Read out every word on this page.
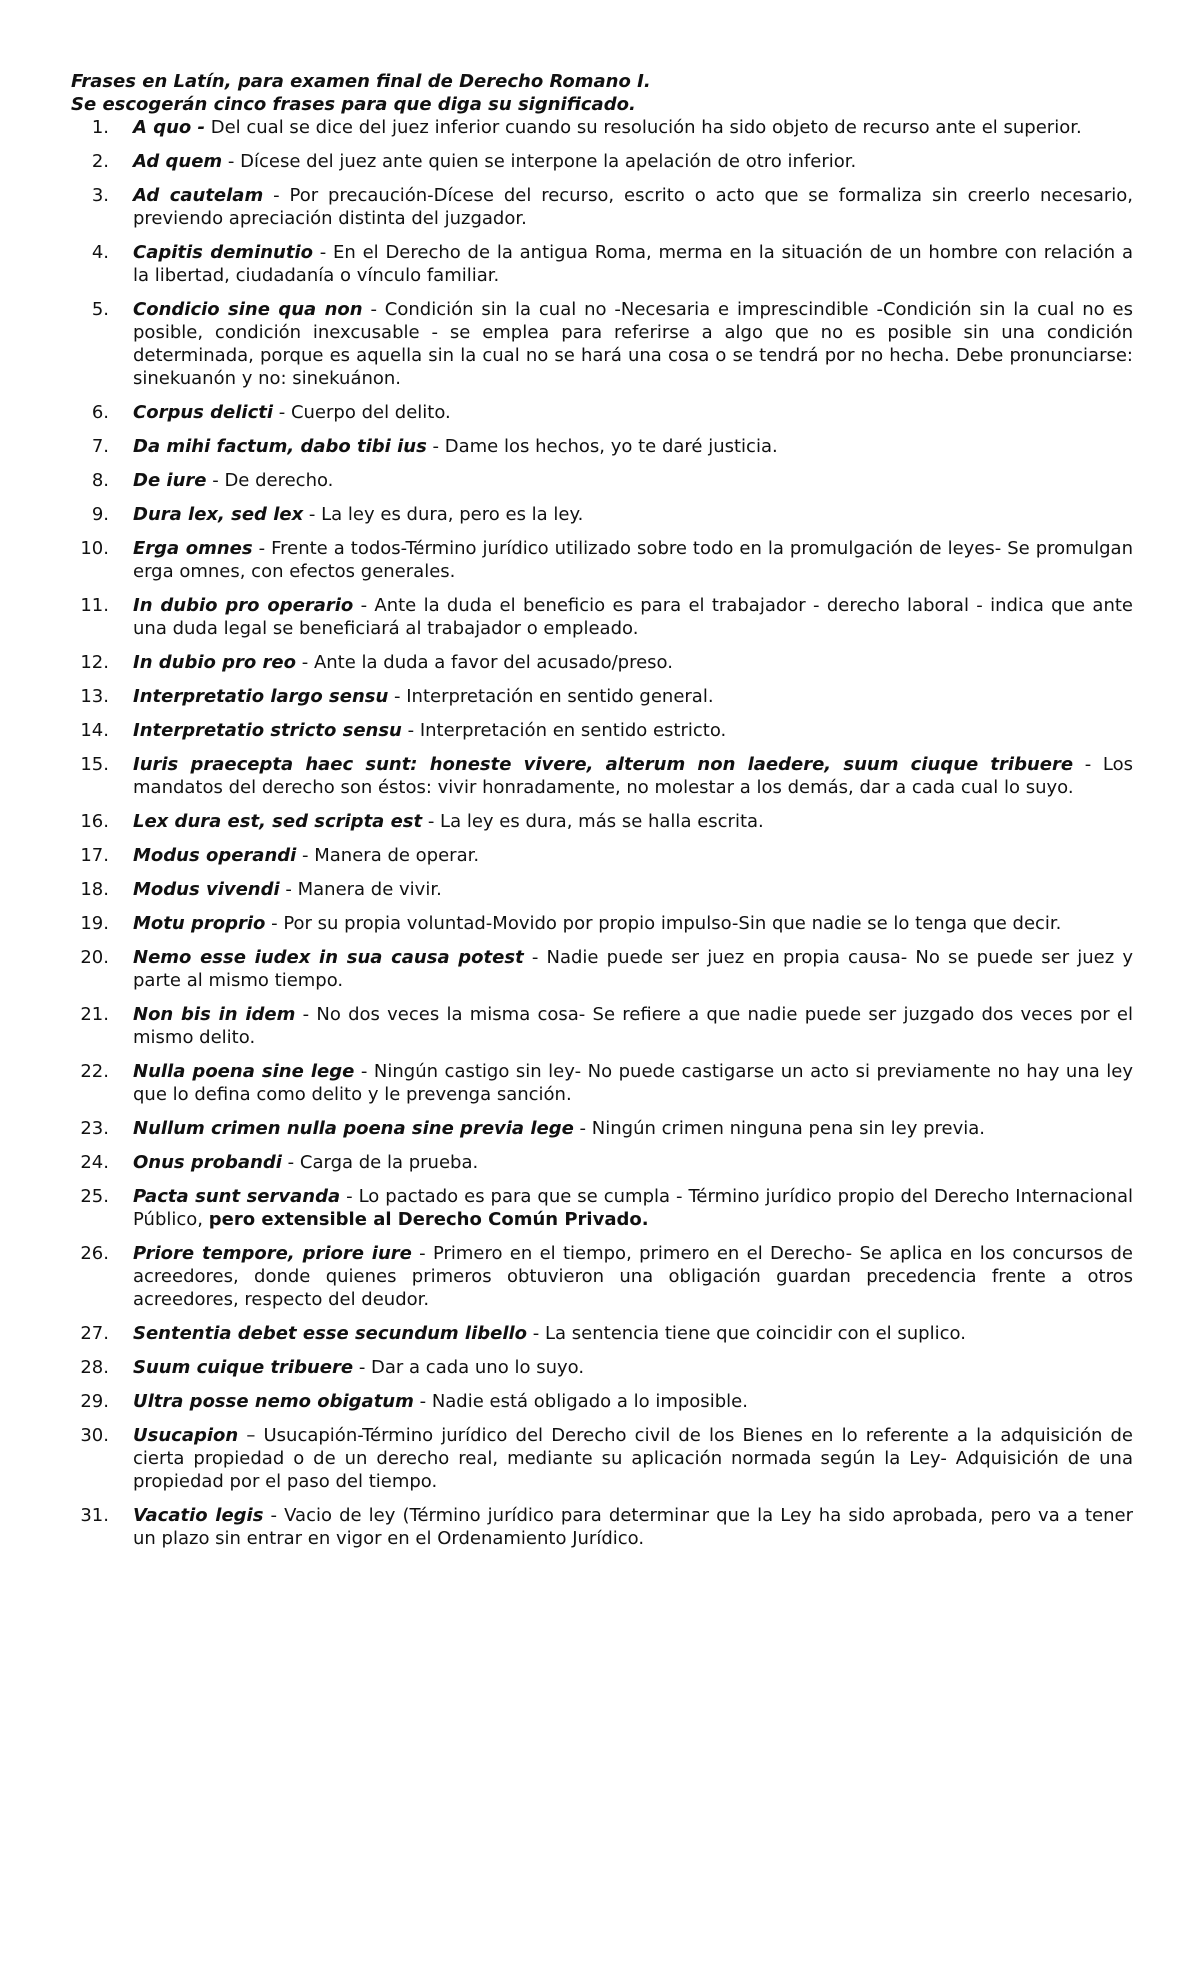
Frases en Latín, para examen final de Derecho Romano I.

Se escogerán cinco frases para que diga su significado.

1.	A quo - Del cual se dice del juez inferior cuando su resolución ha sido objeto de recurso ante el superior.
2.	Ad quem - Dícese del juez ante quien se interpone la apelación de otro inferior.
3.	Ad cautelam - Por precaución-Dícese del recurso, escrito o acto que se formaliza sin creerlo necesario, previendo apreciación distinta del juzgador.
4.	Capitis deminutio - En el Derecho de la antigua Roma, merma en la situación de un hombre con relación a la libertad, ciudadanía o vínculo familiar.
5.	Condicio sine qua non - Condición sin la cual no -Necesaria e imprescindible -Condición sin la cual no es posible, condición inexcusable - se emplea para referirse a algo que no es posible sin una condición determinada, porque es aquella sin la cual no se hará una cosa o se tendrá por no hecha. Debe pronunciarse: sinekuanón y no: sinekuánon.
6.	Corpus delicti - Cuerpo del delito.
7.	Da mihi factum, dabo tibi ius - Dame los hechos, yo te daré justicia.
8.	De iure - De derecho.
9.	Dura lex, sed lex - La ley es dura, pero es la ley.
10.	Erga omnes - Frente a todos-Término jurídico utilizado sobre todo en la promulgación de leyes- Se promulgan erga omnes, con efectos generales.
11.	In dubio pro operario - Ante la duda el beneficio es para el trabajador - derecho laboral - indica que ante una duda legal se beneficiará al trabajador o empleado.
12.	In dubio pro reo - Ante la duda a favor del acusado/preso.
13.	Interpretatio largo sensu - Interpretación en sentido general.
14.	Interpretatio stricto sensu - Interpretación en sentido estricto.
15.	Iuris praecepta haec sunt: honeste vivere, alterum non laedere, suum ciuque tribuere - Los mandatos del derecho son éstos: vivir honradamente, no molestar a los demás, dar a cada cual lo suyo.
16.	Lex dura est, sed scripta est - La ley es dura, más se halla escrita.
17.	Modus operandi - Manera de operar.
18.	Modus vivendi - Manera de vivir.
19.	Motu proprio - Por su propia voluntad-Movido por propio impulso-Sin que nadie se lo tenga que decir.
20.	Nemo esse iudex in sua causa potest - Nadie puede ser juez en propia causa- No se puede ser juez y parte al mismo tiempo.
21.	Non bis in idem - No dos veces la misma cosa- Se refiere a que nadie puede ser juzgado dos veces por el mismo delito.
22.	Nulla poena sine lege - Ningún castigo sin ley- No puede castigarse un acto si previamente no hay una ley que lo defina como delito y le prevenga sanción.
23.	Nullum crimen nulla poena sine previa lege - Ningún crimen ninguna pena sin ley previa.
24.	Onus probandi - Carga de la prueba.
25.	Pacta sunt servanda - Lo pactado es para que se cumpla - Término jurídico propio del Derecho Internacional Público, pero extensible al Derecho Común Privado.
26.	Priore tempore, priore iure - Primero en el tiempo, primero en el Derecho- Se aplica en los concursos de acreedores, donde quienes primeros obtuvieron una obligación guardan precedencia frente a otros acreedores, respecto del deudor.
27.	Sententia debet esse secundum libello - La sentencia tiene que coincidir con el suplico.
28.	Suum cuique tribuere - Dar a cada uno lo suyo.
29.	Ultra posse nemo obigatum - Nadie está obligado a lo imposible.
30.	Usucapion – Usucapión-Término jurídico del Derecho civil de los Bienes en lo referente a la adquisición de cierta propiedad o de un derecho real, mediante su aplicación normada según la Ley- Adquisición de una propiedad por el paso del tiempo.
31.	Vacatio legis - Vacio de ley (Término jurídico para determinar que la Ley ha sido aprobada, pero va a tener un plazo sin entrar en vigor en el Ordenamiento Jurídico.
